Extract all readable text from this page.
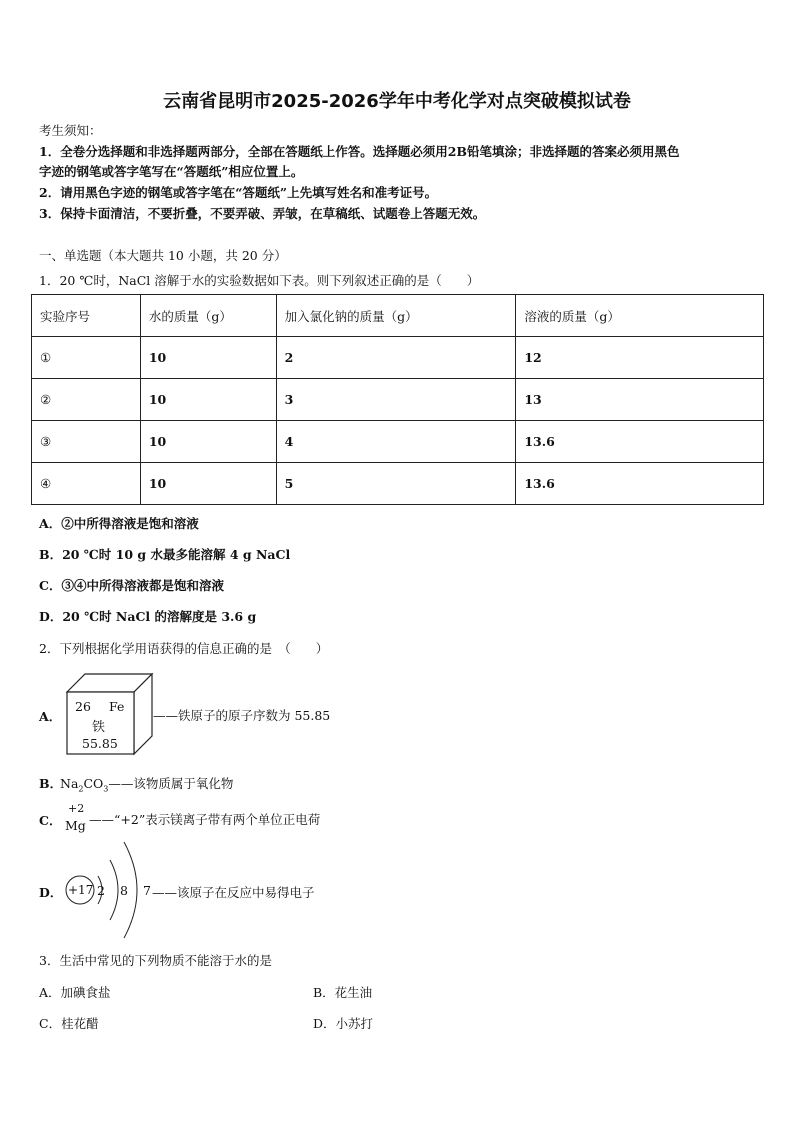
云南省昆明市2025-2026学年中考化学对点突破模拟试卷
考生须知：
1．全卷分选择题和非选择题两部分，全部在答题纸上作答。选择题必须用2B铅笔填涂；非选择题的答案必须用黑色
字迹的钢笔或答字笔写在“答题纸”相应位置上。
2．请用黑色字迹的钢笔或答字笔在“答题纸”上先填写姓名和准考证号。
3．保持卡面清洁，不要折叠，不要弄破、弄皱，在草稿纸、试题卷上答题无效。
一、单选题（本大题共 10 小题，共 20 分）
1．20 ℃时，NaCl 溶解于水的实验数据如下表。则下列叙述正确的是（　　）
实验序号	水的质量（g）	加入氯化钠的质量（g）	溶液的质量（g）
①	10	2	12
②	10	3	13
③	10	4	13.6
④	10	5	13.6
A．②中所得溶液是饱和溶液
B．20 ℃时 10 g 水最多能溶解 4 g NaCl
C．③④中所得溶液都是饱和溶液
D．20 ℃时 NaCl 的溶解度是 3.6 g
2．下列根据化学用语获得的信息正确的是　（　　）
A．
26 Fe
铁
55.85
——铁原子的原子序数为 55.85
B．
$Na_2CO_3——$该物质属于氧化物
C．
+2
Mg ——“+2”表示镁离子带有两个单位正电荷
D． +17 2 8 7 ——该原子在反应中易得电子
3．生活中常见的下列物质不能溶于水的是
A．加碘食盐	B．花生油
C．桂花醋	D．小苏打
